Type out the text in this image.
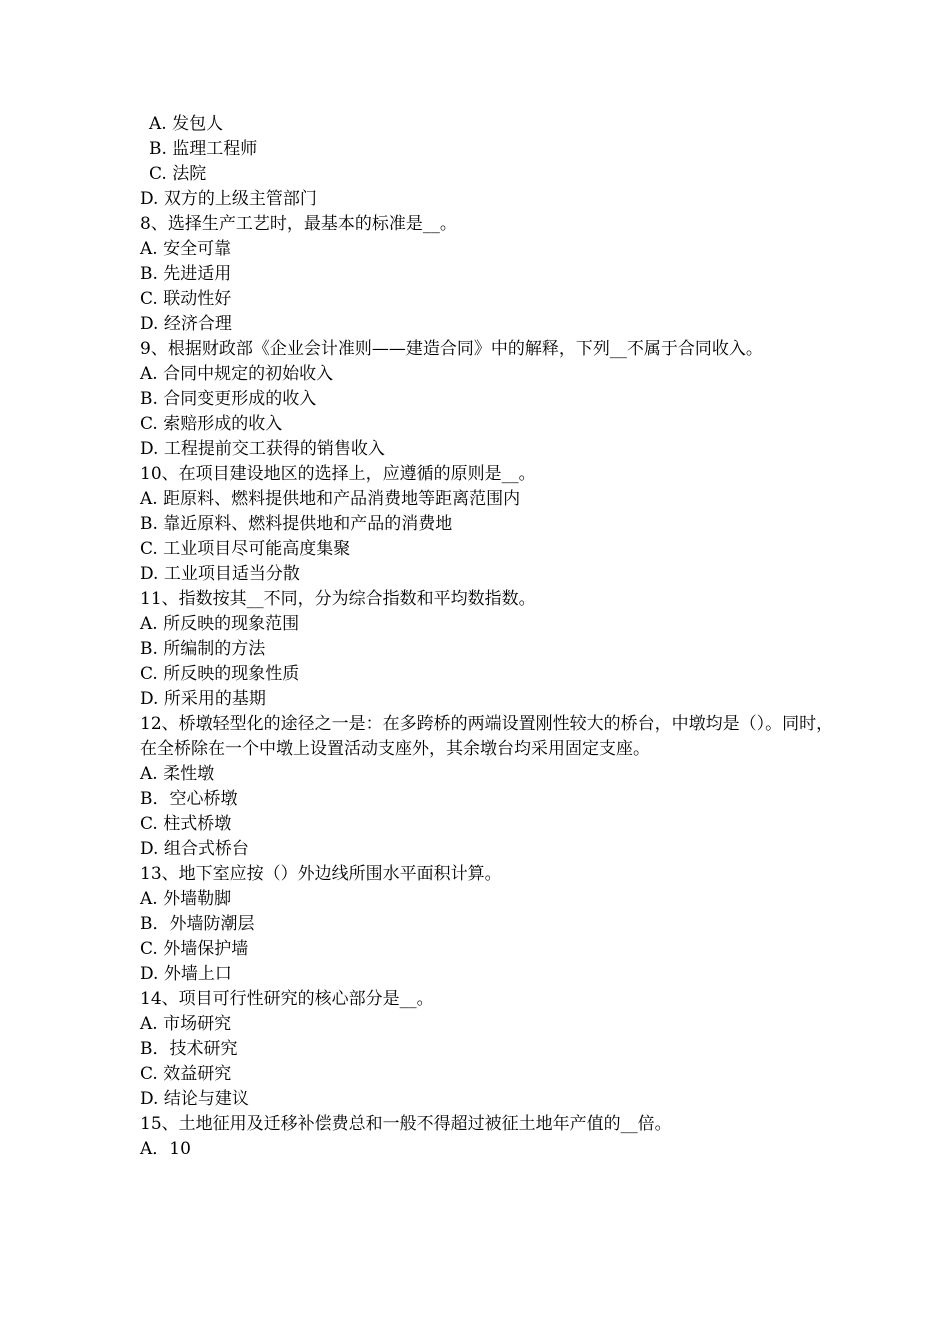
A. 发包人
B. 监理工程师
C. 法院
D. 双方的上级主管部门
8、选择生产工艺时，最基本的标准是__。
A. 安全可靠
B. 先进适用
C. 联动性好
D. 经济合理
9、根据财政部《企业会计准则——建造合同》中的解释，下列__不属于合同收入。
A. 合同中规定的初始收入
B. 合同变更形成的收入
C. 索赔形成的收入
D. 工程提前交工获得的销售收入
10、在项目建设地区的选择上，应遵循的原则是__。
A. 距原料、燃料提供地和产品消费地等距离范围内
B. 靠近原料、燃料提供地和产品的消费地
C. 工业项目尽可能高度集聚
D. 工业项目适当分散
11、指数按其__不同，分为综合指数和平均数指数。
A. 所反映的现象范围
B. 所编制的方法
C. 所反映的现象性质
D. 所采用的基期
12、桥墩轻型化的途径之一是：在多跨桥的两端设置刚性较大的桥台，中墩均是（）。同时，在全桥除在一个中墩上设置活动支座外，其余墩台均采用固定支座。
A. 柔性墩
B．空心桥墩
C. 柱式桥墩
D. 组合式桥台
13、地下室应按（）外边线所围水平面积计算。
A. 外墙勒脚
B．外墙防潮层
C. 外墙保护墙
D. 外墙上口
14、项目可行性研究的核心部分是__。
A. 市场研究
B．技术研究
C. 效益研究
D. 结论与建议
15、土地征用及迁移补偿费总和一般不得超过被征土地年产值的__倍。
A．10
